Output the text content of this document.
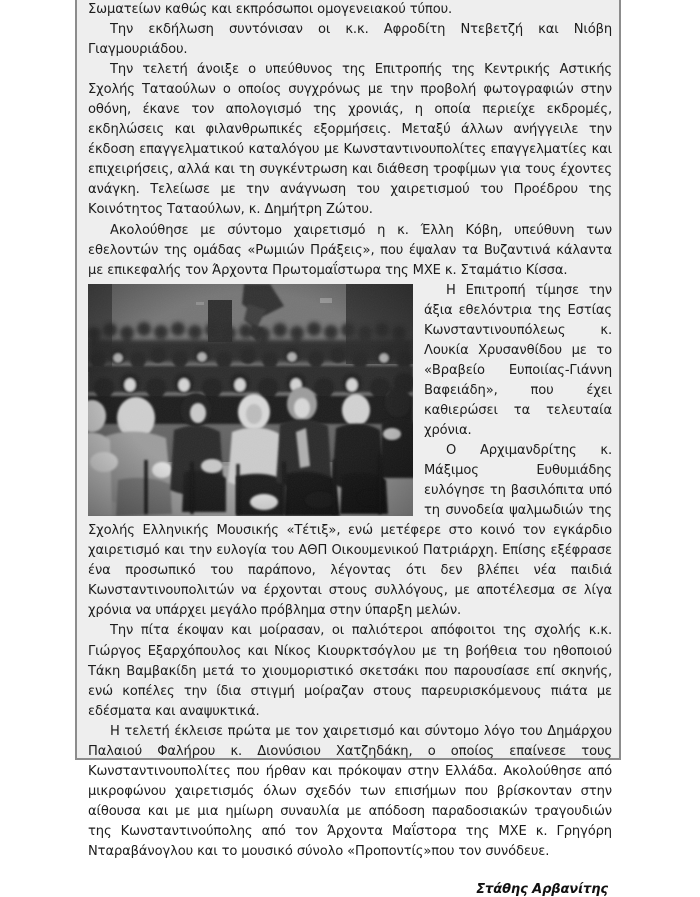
Σωματείων καθώς και εκπρόσωποι ομογενειακού τύπου.

Την εκδήλωση συντόνισαν οι κ.κ. Αφροδίτη Ντεβετζή και Νιόβη Γιαγμουριάδου.

Την τελετή άνοιξε ο υπεύθυνος της Επιτροπής της Κεντρικής Αστικής Σχολής Ταταούλων ο οποίος συγχρόνως με την προβολή φωτογραφιών στην οθόνη, έκανε τον απολογισμό της χρονιάς, η οποία περιείχε εκδρομές, εκδηλώσεις και φιλανθρωπικές εξορμήσεις. Μεταξύ άλλων ανήγγειλε την έκδοση επαγγελματικού καταλόγου με Κωνσταντινουπολίτες επαγγελματίες και επιχειρήσεις, αλλά και τη συγκέντρωση και διάθεση τροφίμων για τους έχοντες ανάγκη. Τελείωσε με την ανάγνωση του χαιρετισμού του Προέδρου της Κοινότητος Ταταούλων, κ. Δημήτρη Ζώτου.

Ακολούθησε με σύντομο χαιρετισμό η κ. Έλλη Κόβη, υπεύθυνη των εθελοντών της ομάδας «Ρωμιών Πράξεις», που έψαλαν τα Βυζαντινά κάλαντα με επικεφαλής τον Άρχοντα Πρωτομαΐστωρα της ΜΧΕ κ. Σταμάτιο Κίσσα.

Η Επιτροπή τίμησε την άξια εθελόντρια της Εστίας Κωνσταντινουπόλεως κ. Λουκία Χρυσανθίδου με το «Βραβείο Ευποιίας-Γιάννη Βαφειάδη», που έχει καθιερώσει τα τελευταία χρόνια.

Ο Αρχιμανδρίτης κ. Μάξιμος Ευθυμιάδης ευλόγησε τη βασιλόπιτα υπό τη συνοδεία ψαλμωδιών της Σχολής Ελληνικής Μουσικής «Τέτιξ», ενώ μετέφερε στο κοινό τον εγκάρδιο χαιρετισμό και την ευλογία του ΑΘΠ Οικουμενικού Πατριάρχη. Επίσης εξέφρασε ένα προσωπικό του παράπονο, λέγοντας ότι δεν βλέπει νέα παιδιά Κωνσταντινουπολιτών να έρχονται στους συλλόγους, με αποτέλεσμα σε λίγα χρόνια να υπάρχει μεγάλο πρόβλημα στην ύπαρξη μελών.

Την πίτα έκοψαν και μοίρασαν, οι παλιότεροι απόφοιτοι της σχολής κ.κ. Γιώργος Εξαρχόπουλος και Νίκος Κιουρκτσόγλου με τη βοήθεια του ηθοποιού Τάκη Βαμβακίδη μετά το χιουμοριστικό σκετσάκι που παρουσίασε επί σκηνής, ενώ κοπέλες την ίδια στιγμή μοίραζαν στους παρευρισκόμενους πιάτα με εδέσματα και αναψυκτικά.

Η τελετή έκλεισε πρώτα με τον χαιρετισμό και σύντομο λόγο του Δημάρχου Παλαιού Φαλήρου κ. Διονύσιου Χατζηδάκη, ο οποίος επαίνεσε τους Κωνσταντινουπολίτες που ήρθαν και πρόκοψαν στην Ελλάδα. Ακολούθησε από μικροφώνου χαιρετισμός όλων σχεδόν των επισήμων που βρίσκονταν στην αίθουσα και με μια ημίωρη συναυλία με απόδοση παραδοσιακών τραγουδιών της Κωνσταντινούπολης από τον Άρχοντα Μαΐστορα της ΜΧΕ κ. Γρηγόρη Νταραβάνογλου και το μουσικό σύνολο «Προποντίς»που τον συνόδευε.

Στάθης Αρβανίτης
